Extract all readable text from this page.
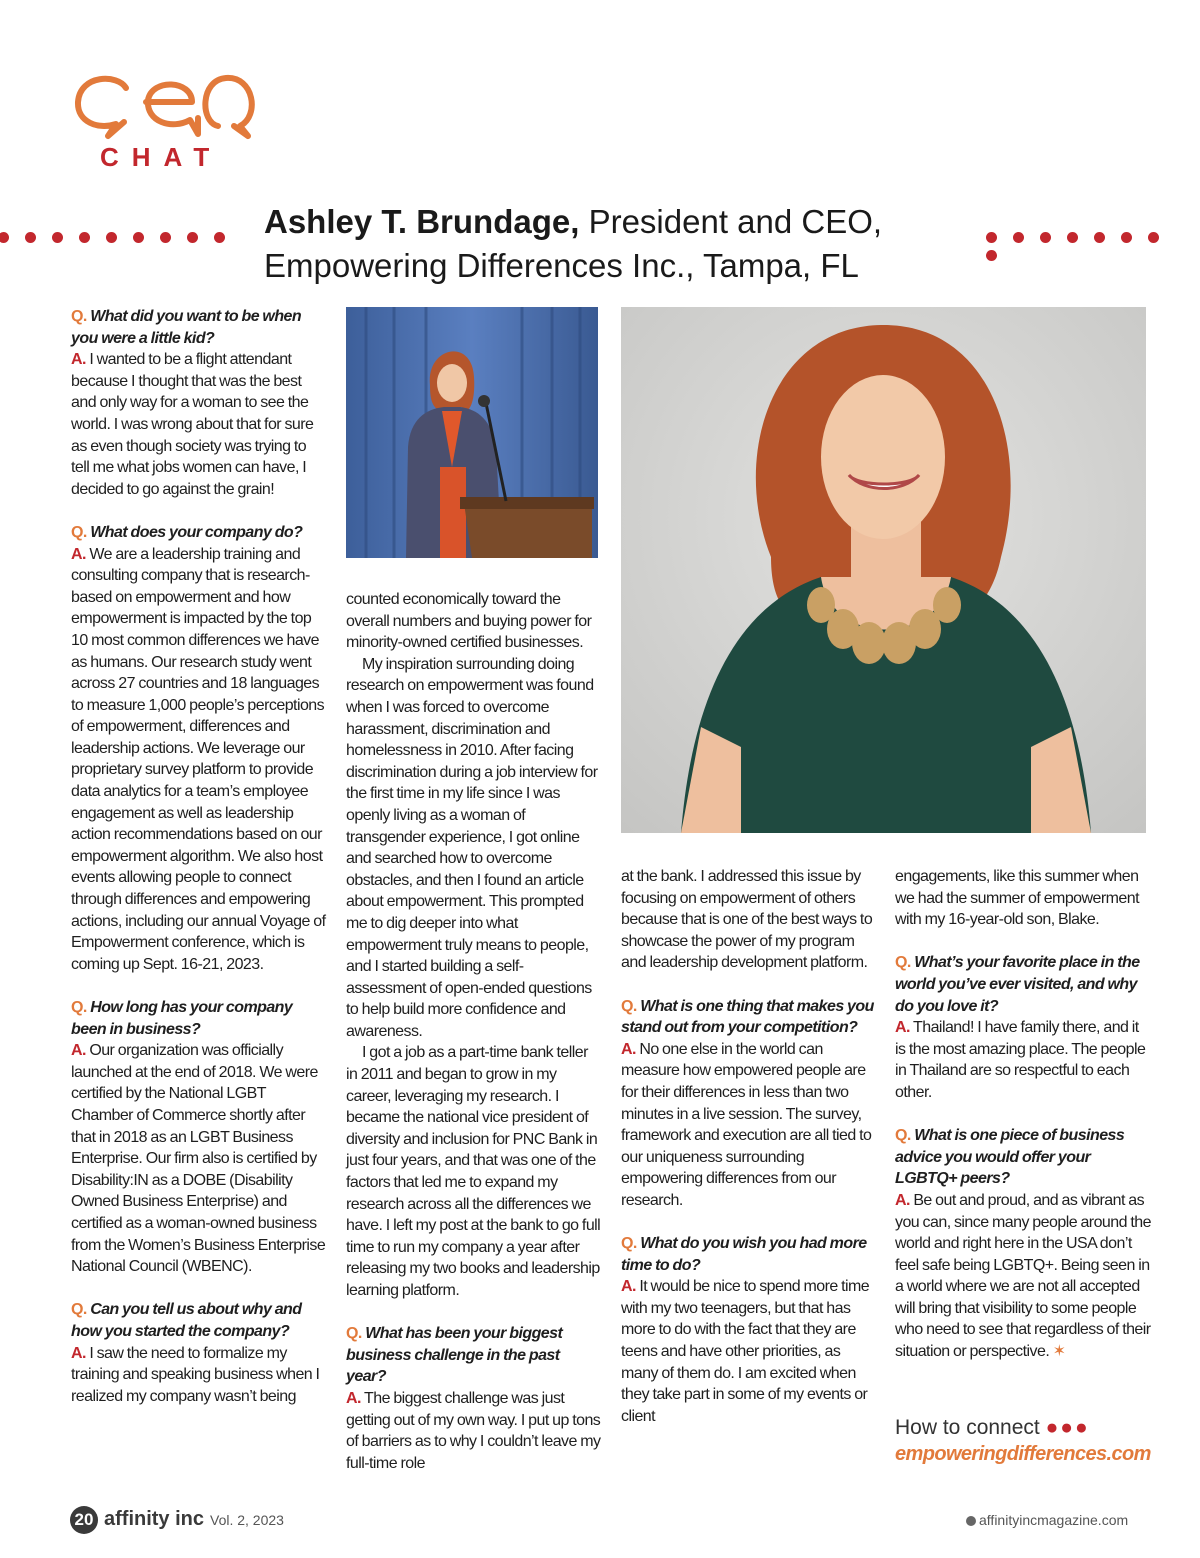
CHAT
Ashley T. Brundage, President and CEO,
Empowering Differences Inc., Tampa, FL

Q. What did you want to be when you were a little kid?

A. I wanted to be a flight attendant because I thought that was the best and only way for a woman to see the world. I was wrong about that for sure as even though society was trying to tell me what jobs women can have, I decided to go against the grain!

Q. What does your company do?

A. We are a leadership training and consulting company that is research-based on empowerment and how empowerment is impacted by the top 10 most common differences we have as humans. Our research study went across 27 countries and 18 languages to measure 1,000 people’s perceptions of empowerment, differences and leadership actions. We leverage our proprietary survey platform to provide data analytics for a team’s employee engagement as well as leadership action recommendations based on our empowerment algorithm. We also host events allowing people to connect through differences and empowering actions, including our annual Voyage of Empowerment conference, which is coming up Sept. 16-21, 2023.

Q. How long has your company been in business?

A. Our organization was officially launched at the end of 2018. We were certified by the National LGBT Chamber of Commerce shortly after that in 2018 as an LGBT Business Enterprise. Our firm also is certified by Disability:IN as a DOBE (Disability Owned Business Enterprise) and certified as a woman-owned business from the Women’s Business Enterprise National Council (WBENC).

Q. Can you tell us about why and how you started the company?

A. I saw the need to formalize my training and speaking business when I realized my company wasn’t being

counted economically toward the overall numbers and buying power for minority-owned certified businesses.

My inspiration surrounding doing research on empowerment was found when I was forced to overcome harassment, discrimination and homelessness in 2010. After facing discrimination during a job interview for the first time in my life since I was openly living as a woman of transgender experience, I got online and searched how to overcome obstacles, and then I found an article about empowerment. This prompted me to dig deeper into what empowerment truly means to people, and I started building a self-assessment of open-ended questions to help build more confidence and awareness.

I got a job as a part-time bank teller in 2011 and began to grow in my career, leveraging my research. I became the national vice president of diversity and inclusion for PNC Bank in just four years, and that was one of the factors that led me to expand my research across all the differences we have. I left my post at the bank to go full time to run my company a year after releasing my two books and leadership learning platform.

Q. What has been your biggest business challenge in the past year?

A. The biggest challenge was just getting out of my own way. I put up tons of barriers as to why I couldn’t leave my full-time role

at the bank. I addressed this issue by focusing on empowerment of others because that is one of the best ways to showcase the power of my program and leadership development platform.

Q. What is one thing that makes you stand out from your competition?

A. No one else in the world can measure how empowered people are for their differences in less than two minutes in a live session. The survey, framework and execution are all tied to our uniqueness surrounding empowering differences from our research.

Q. What do you wish you had more time to do?

A. It would be nice to spend more time with my two teenagers, but that has more to do with the fact that they are teens and have other priorities, as many of them do. I am excited when they take part in some of my events or client

engagements, like this summer when we had the summer of empowerment with my 16-year-old son, Blake.

Q. What’s your favorite place in the world you’ve ever visited, and why do you love it?

A. Thailand! I have family there, and it is the most amazing place. The people in Thailand are so respectful to each other.

Q. What is one piece of business advice you would offer your LGBTQ+ peers?

A. Be out and proud, and as vibrant as you can, since many people around the world and right here in the USA don’t feel safe being LGBTQ+. Being seen in a world where we are not all accepted will bring that visibility to some people who need to see that regardless of their situation or perspective. ✶

How to connect ●●●
empoweringdifferences.com
20 affinity inc Vol. 2, 2023	affinityincmagazine.com
